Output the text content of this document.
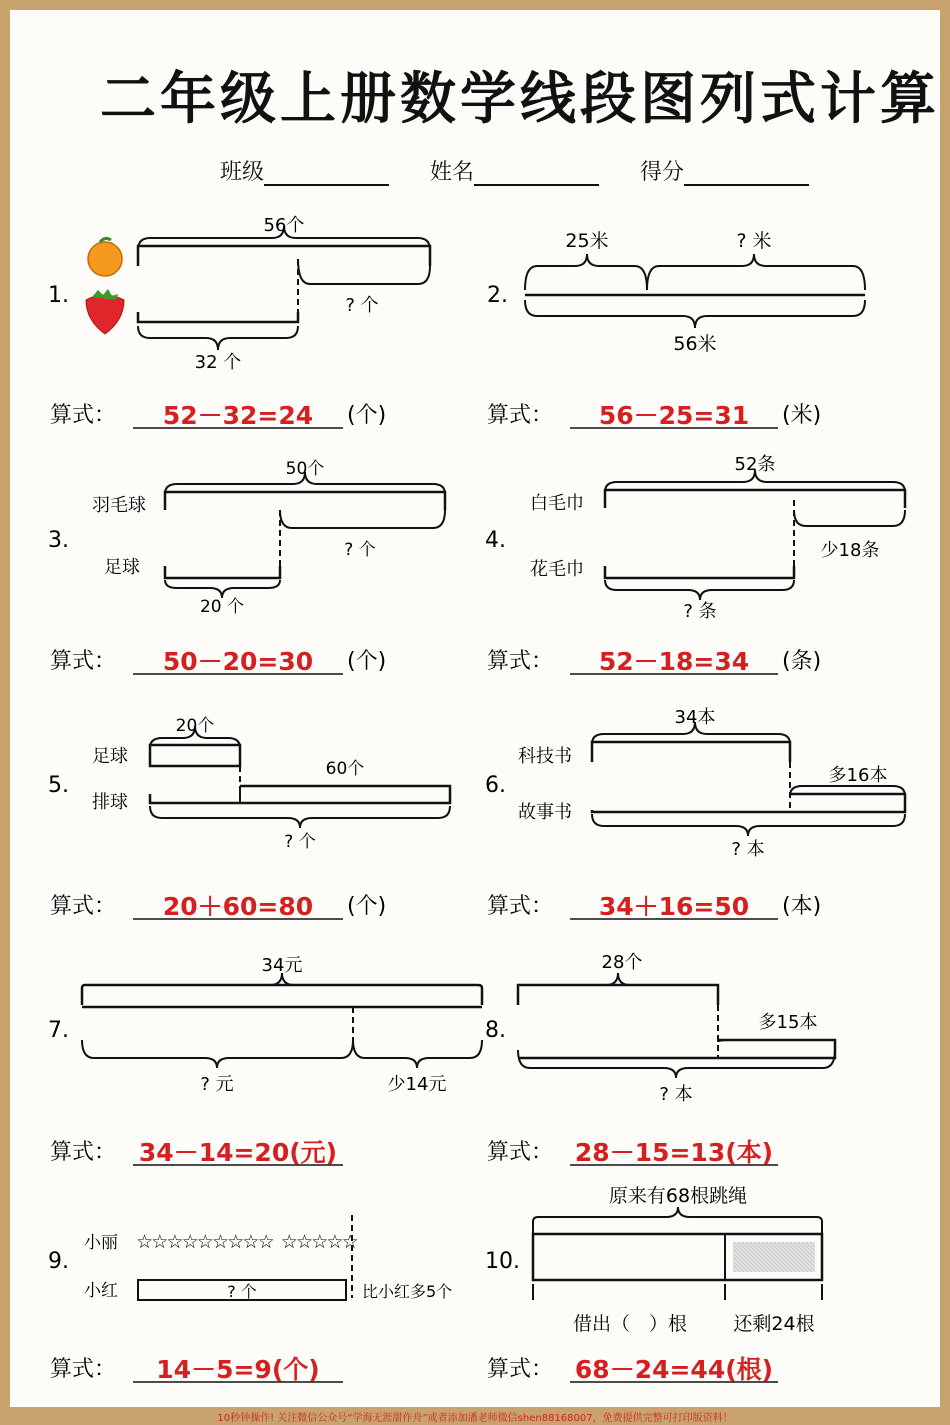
二年级上册数学线段图列式计算
班级	姓名	得分
1.
56个
? 个
32 个
2.
25米	? 米
56米
3.
羽毛球
足球
50个
? 个
20 个
4.
白毛巾
花毛巾
52条
少18条
? 条
5.
足球
排球
20个
60个
? 个
6.
科技书
故事书
34本
多16本
? 本
7.
34元
? 元	少14元
8.
28个
多15本
? 本
9.
小丽
小红
☆
☆
☆
☆
☆
☆
☆
☆
☆ ☆
☆
☆
☆
☆
? 个	比小红多5个
10.
原来有68根跳绳
借出（　）根 还剩24根
算式： 52－32=24 (个)	算式： 56－25=31 (米)
算式： 50－20=30 (个)	算式： 52－18=34 (条)
算式： 20＋60=80 (个)	算式： 34＋16=50 (本)
算式： 34－14=20(元)	算式： 28－15=13(本)
算式： 14－5=9(个)	算式： 68－24=44(根)
10秒钟操作! 关注微信公众号“学海无涯甜作舟”或者添加潘老师微信shen88168007，免费提供完整可打印版资料！
